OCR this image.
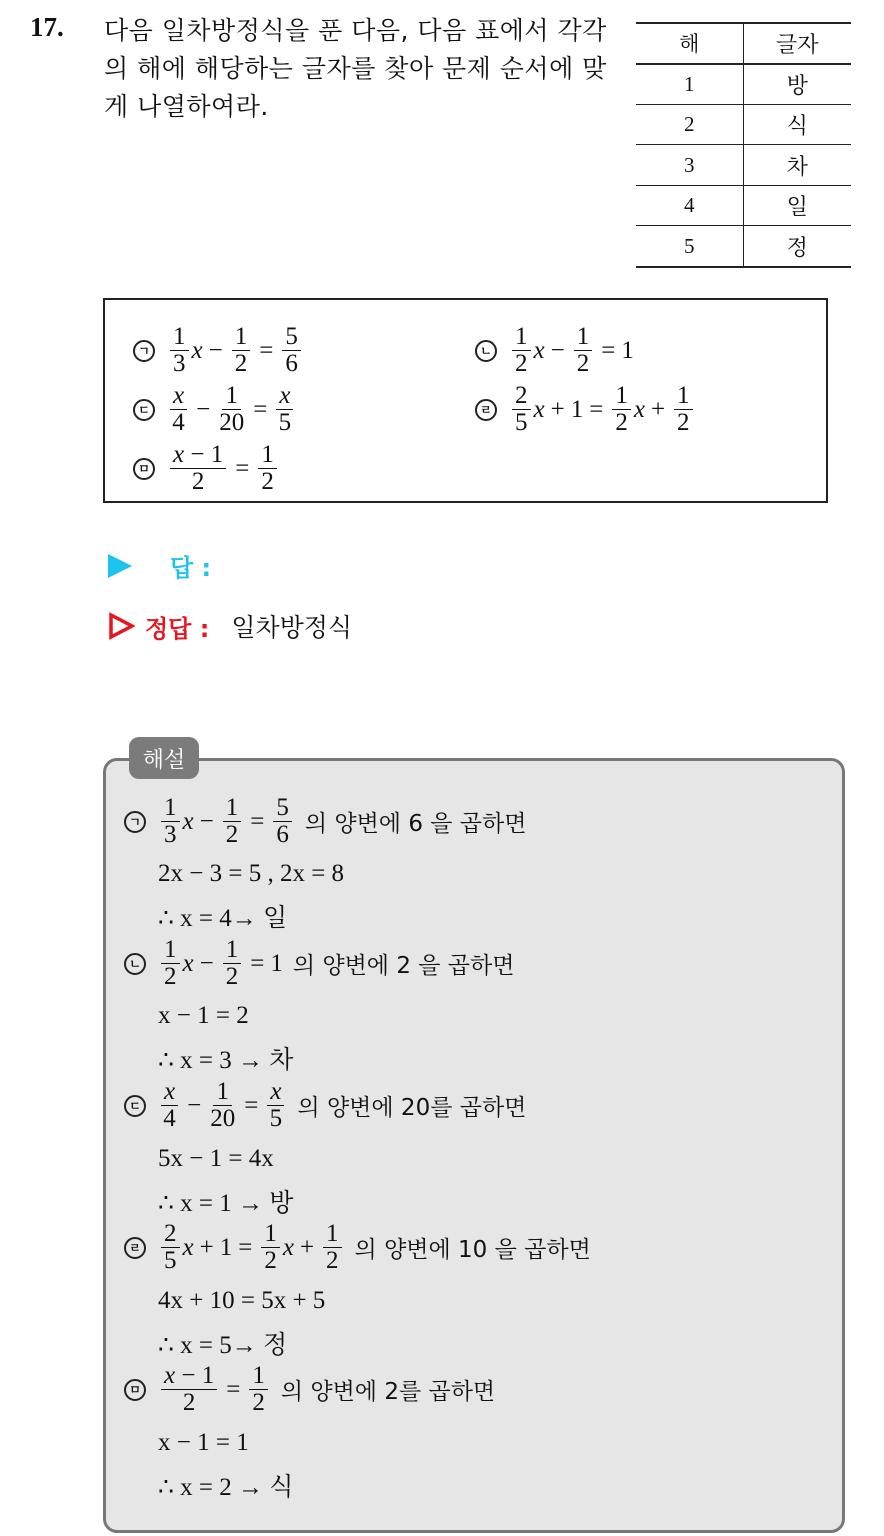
17. 다음 일차방정식을 푼 다음, 다음 표에서 각각의 해에 해당하는 글자를 찾아 문제 순서에 맞게 나열하여라.
해	글자
1	방
2	식
3	차
4	일
5	정
ㄱ $\frac{1}{3}$ $x - \frac{1}{2} = \frac{5}{6}$	ㄴ $\frac{1}{2}$ $x - \frac{1}{2} = 1$
ㄷ $\frac{x}{4} - \frac{1}{20} = \frac{x}{5}$	ㄹ $\frac{2}{5}$ $x + 1 = \frac{1}{2}$ $x + \frac{1}{2}$
ㅁ $\frac{x - 1}{2} = \frac{1}{2}$
답 :
정답 : 일차방정식
해설
ㄱ $\frac{1}{3}$ $x - \frac{1}{2} = \frac{5}{6}$ 의 양변에 6 을 곱하면
2x − 3 = 5 , 2x = 8
∴ x = 4→ 일
ㄴ $\frac{1}{2}$ $x - \frac{1}{2} = 1$ 의 양변에 2 을 곱하면
x − 1 = 2
∴ x = 3 → 차
ㄷ $\frac{x}{4} - \frac{1}{20} = \frac{x}{5}$ 의 양변에 20를 곱하면
5x − 1 = 4x
∴ x = 1 → 방
ㄹ $\frac{2}{5}$ $x + 1 = \frac{1}{2}$ $x + \frac{1}{2}$ 의 양변에 10 을 곱하면
4x + 10 = 5x + 5
∴ x = 5→ 정
ㅁ $\frac{x - 1}{2} = \frac{1}{2}$ 의 양변에 2를 곱하면
x − 1 = 1
∴ x = 2 → 식
